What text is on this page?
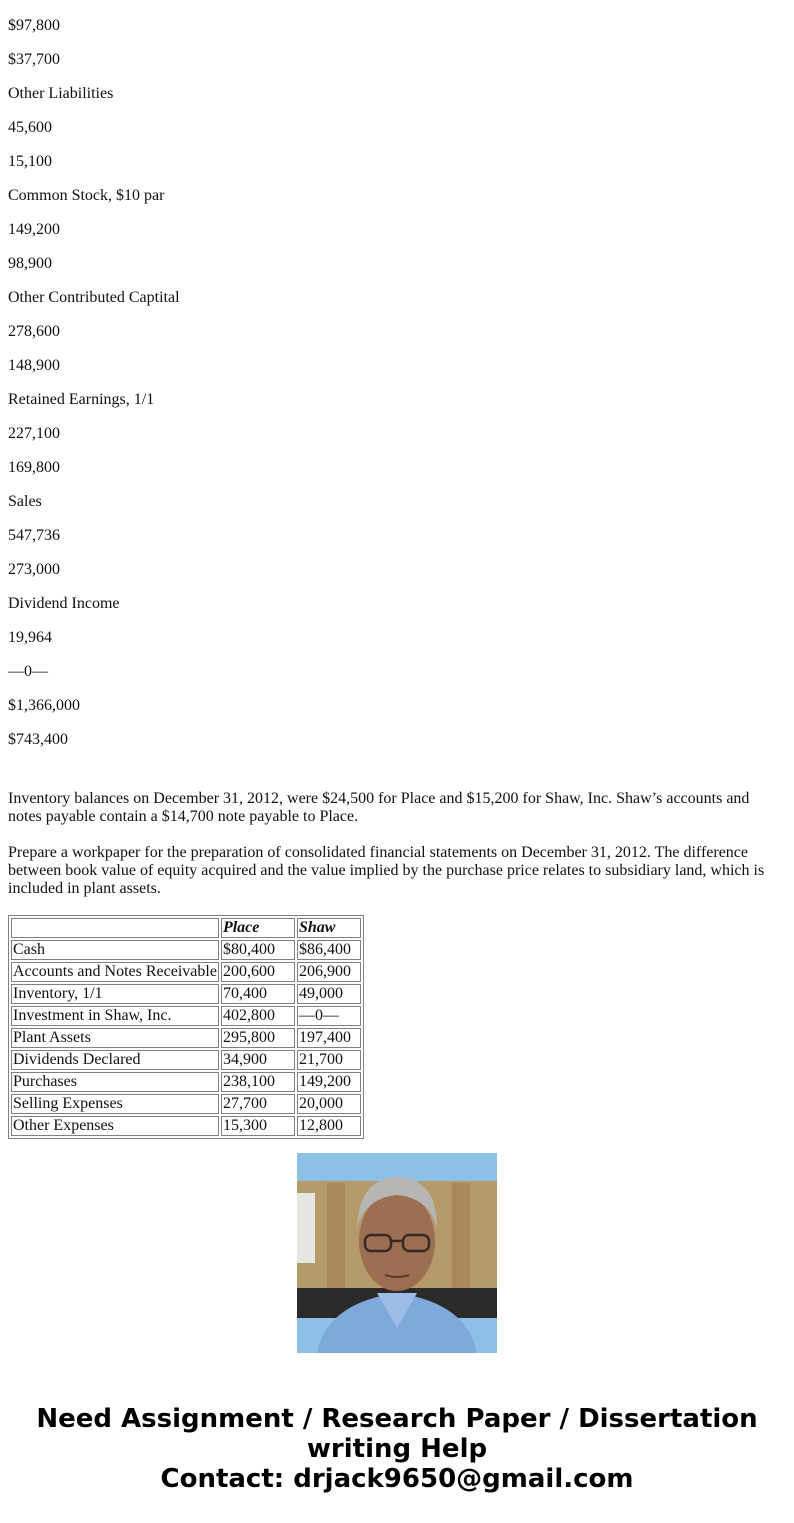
$97,800

$37,700

Other Liabilities

45,600

15,100

Common Stock, $10 par

149,200

98,900

Other Contributed Captital

278,600

148,900

Retained Earnings, 1/1

227,100

169,800

Sales

547,736

273,000

Dividend Income

19,964

—0—

$1,366,000

$743,400

Inventory balances on December 31, 2012, were $24,500 for Place and $15,200 for Shaw, Inc. Shaw’s accounts and notes payable contain a $14,700 note payable to Place.

Prepare a workpaper for the preparation of consolidated financial statements on December 31, 2012. The difference between book value of equity acquired and the value implied by the purchase price relates to subsidiary land, which is included in plant assets.

	Place	Shaw
Cash	$80,400	$86,400
Accounts and Notes Receivable	200,600	206,900
Inventory, 1/1	70,400	49,000
Investment in Shaw, Inc.	402,800	—0—
Plant Assets	295,800	197,400
Dividends Declared	34,900	21,700
Purchases	238,100	149,200
Selling Expenses	27,700	20,000
Other Expenses	15,300	12,800
Need Assignment / Research Paper / Dissertation
writing Help
Contact: drjack9650@gmail.com
